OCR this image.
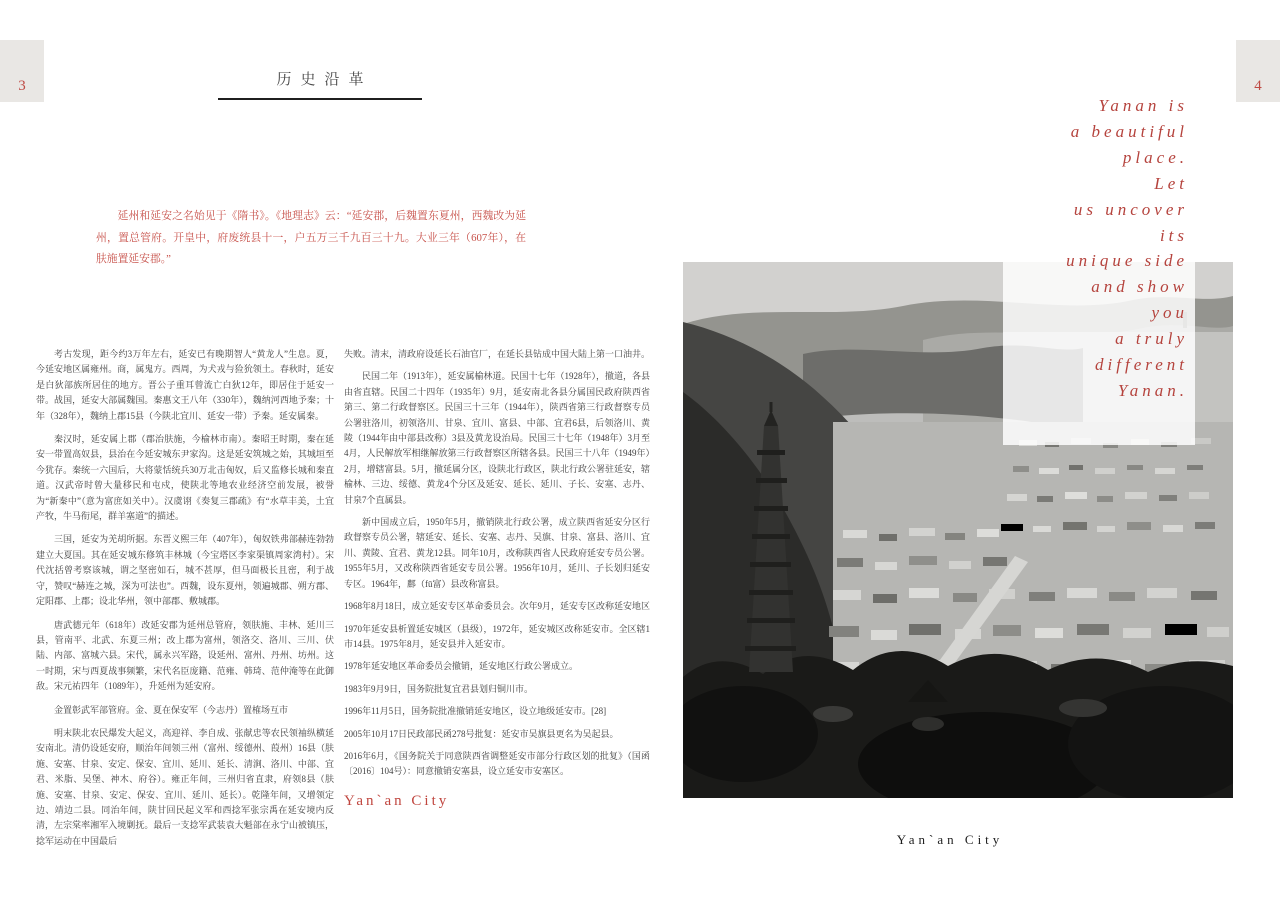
3	4
历史沿革
延州和延安之名始见于《隋书》。《地理志》云：“延安郡，后魏置东夏州，西魏改为延州，置总管府。开皇中，府废统县十一，户五万三千九百三十九。大业三年（607年），在肤施置延安郡。”

考古发现，距今约3万年左右，延安已有晚期智人“黄龙人”生息。夏，今延安地区属雍州。商，属鬼方。西周，为犬戎与猃狁领土。春秋时，延安是白狄部族所居住的地方。晋公子重耳曾流亡白狄12年，即居住于延安一带。战国，延安大部属魏国。秦惠文王八年（330年），魏纳河西地予秦；十年（328年），魏纳上郡15县（今陕北宜川、延安一带）予秦。延安属秦。

秦汉时，延安属上郡（郡治肤施，今榆林市南）。秦昭王时期，秦在延安一带置高奴县，县治在今延安城东尹家沟。这是延安筑城之始，其城垣至今犹存。秦统一六国后，大将蒙恬统兵30万北击匈奴，后又监修长城和秦直道。汉武帝时曾大量移民和屯戍，使陕北等地农业经济空前发展，被誉为“新秦中”（意为富庶如关中）。汉虞诩《奏复三郡疏》有“水草丰美，土宜产牧，牛马衔尾，群羊塞道”的描述。

三国，延安为羌胡所据。东晋义熙三年（407年），匈奴铁弗部赫连勃勃建立大夏国。其在延安城东修筑丰林城（今宝塔区李家渠镇周家湾村）。宋代沈括曾考察该城，谓之坚密如石，城不甚厚，但马面极长且密，利于战守，赞叹“赫连之城，深为可法也”。西魏，设东夏州，领遍城郡、朔方郡、定阳郡、上郡；设北华州，领中部郡、敷城郡。

唐武德元年（618年）改延安郡为延州总管府，领肤施、丰林、延川三县，管南平、北武、东夏三州；改上郡为富州，领洛交、洛川、三川、伏陆、内部、富城六县。宋代，属永兴军路，设延州、富州、丹州、坊州。这一时期，宋与西夏战事频繁，宋代名臣庞籍、范雍、韩琦、范仲淹等在此御敌。宋元祐四年（1089年），升延州为延安府。

金置彰武军部管府。金、夏在保安军（今志丹）置榷场互市

明末陕北农民爆发大起义，高迎祥、李自成、张献忠等农民领袖纵横延安南北。清仍设延安府，顺治年间领三州（富州、绥德州、葭州）16县（肤施、安塞、甘泉、安定、保安、宜川、延川、延长、清涧、洛川、中部、宜君、米脂、吴堡、神木、府谷）。雍正年间，三州归省直隶，府领8县（肤施、安塞、甘泉、安定、保安、宜川、延川、延长）。乾隆年间，又增领定边、靖边二县。同治年间，陕甘回民起义军和西捻军张宗禹在延安境内反清，左宗棠率湘军入境剿抚。最后一支捻军武装袁大魁部在永宁山被镇压，捻军运动在中国最后

失败。清末，清政府设延长石油官厂，在延长县钻成中国大陆上第一口油井。

民国二年（1913年），延安属榆林道。民国十七年（1928年），撤道，各县由省直辖。民国二十四年（1935年）9月，延安南北各县分属国民政府陕西省第三、第二行政督察区。民国三十三年（1944年），陕西省第三行政督察专员公署驻洛川，初领洛川、甘泉、宜川、富县、中部、宜君6县，后领洛川、黄陵（1944年由中部县改称）3县及黄龙设治局。民国三十七年（1948年）3月至4月，人民解放军相继解放第三行政督察区所辖各县。民国三十八年（1949年）2月，增辖富县。5月，撤延属分区，设陕北行政区，陕北行政公署驻延安，辖榆林、三边、绥德、黄龙4个分区及延安、延长、延川、子长、安塞、志丹、甘泉7个直属县。

新中国成立后，1950年5月，撤销陕北行政公署，成立陕西省延安分区行政督察专员公署，辖延安、延长、安塞、志丹、吴旗、甘泉、富县、洛川、宜川、黄陵、宜君、黄龙12县。同年10月，改称陕西省人民政府延安专员公署。1955年5月，又改称陕西省延安专员公署。1956年10月，延川、子长划归延安专区。1964年，鄜（fū富）县改称富县。

1968年8月18日，成立延安专区革命委员会。次年9月，延安专区改称延安地区

1970年延安县析置延安城区（县级），1972年，延安城区改称延安市。全区辖1市14县。1975年8月，延安县并入延安市。

1978年延安地区革命委员会撤销，延安地区行政公署成立。

1983年9月9日，国务院批复宜君县划归铜川市。

1996年11月5日，国务院批准撤销延安地区，设立地级延安市。[28]

2005年10月17日民政部民函278号批复：延安市吴旗县更名为吴起县。

2016年6月，《国务院关于同意陕西省调整延安市部分行政区划的批复》（国函〔2016〕104号）：同意撤销安塞县，设立延安市安塞区。

Yan`an City
Yanan is
a beautiful
place.
Let
us uncover
its
unique side
and show
you
a truly
different
Yanan.
Yan`an City
